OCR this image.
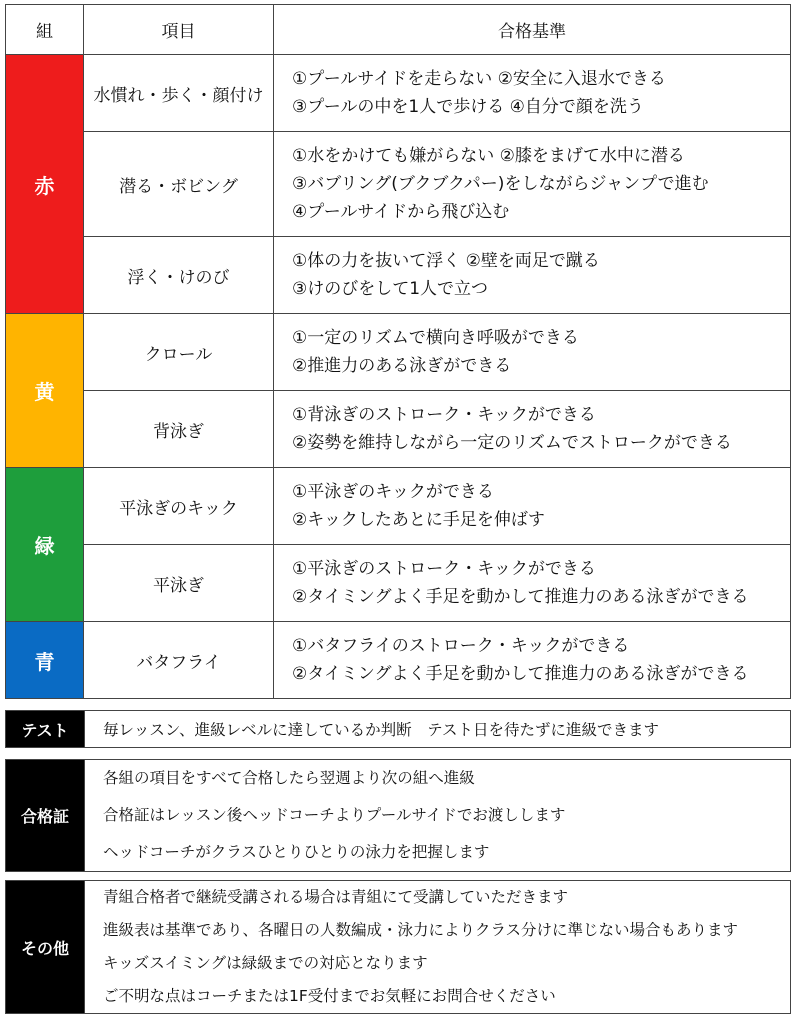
組	項目	合格基準
赤	水慣れ・歩く・顔付け	①プールサイドを走らない ②安全に入退水できる
③プールの中を1人で歩ける ④自分で顔を洗う

	潜る・ボビング	①水をかけても嫌がらない ②膝をまげて水中に潜る
③バブリング(ブクブクパー)をしながらジャンプで進む
④プールサイドから飛び込む

	浮く・けのび	①体の力を抜いて浮く ②壁を両足で蹴る
③けのびをして1人で立つ

黄	クロール	①一定のリズムで横向き呼吸ができる
②推進力のある泳ぎができる

	背泳ぎ	①背泳ぎのストローク・キックができる
②姿勢を維持しながら一定のリズムでストロークができる

緑	平泳ぎのキック	①平泳ぎのキックができる
②キックしたあとに手足を伸ばす

	平泳ぎ	①平泳ぎのストローク・キックができる
②タイミングよく手足を動かして推進力のある泳ぎができる

青	バタフライ	①バタフライのストローク・キックができる
②タイミングよく手足を動かして推進力のある泳ぎができる
テスト	毎レッスン、進級レベルに達しているか判断　テスト日を待たずに進級できます
合格証	
各組の項目をすべて合格したら翌週より次の組へ進級
合格証はレッスン後ヘッドコーチよりプールサイドでお渡しします
ヘッドコーチがクラスひとりひとりの泳力を把握します
その他	
青組合格者で継続受講される場合は青組にて受講していただきます
進級表は基準であり、各曜日の人数編成・泳力によりクラス分けに準じない場合もあります
キッズスイミングは緑級までの対応となります
ご不明な点はコーチまたは1F受付までお気軽にお問合せください
